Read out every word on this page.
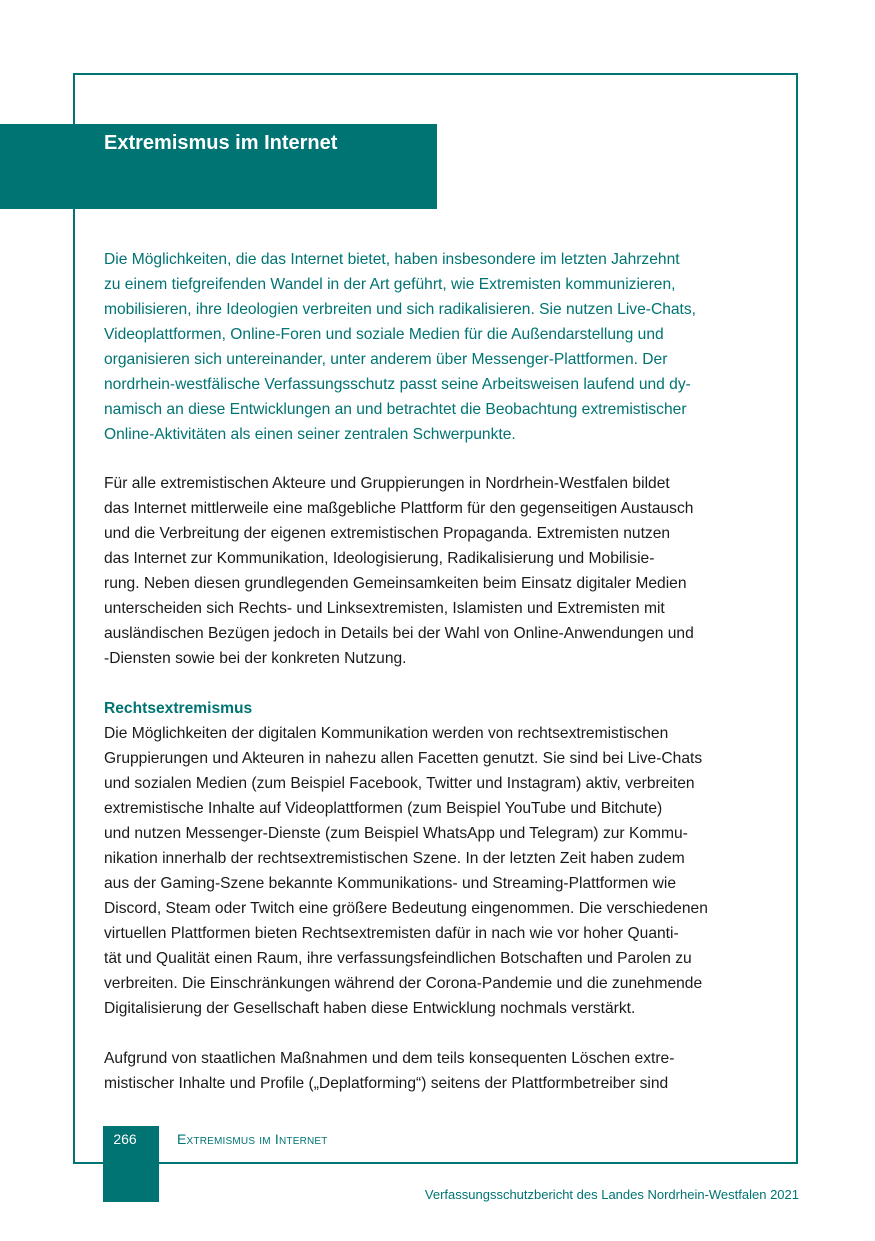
Extremismus im Internet
Die Möglichkeiten, die das Internet bietet, haben insbesondere im letzten Jahrzehnt
zu einem tiefgreifenden Wandel in der Art geführt, wie Extremisten kommunizieren,
mobilisieren, ihre Ideologien verbreiten und sich radikalisieren. Sie nutzen Live-Chats,
Videoplattformen, Online-Foren und soziale Medien für die Außendarstellung und
organisieren sich untereinander, unter anderem über Messenger-Plattformen. Der
nordrhein-westfälische Verfassungsschutz passt seine Arbeitsweisen laufend und dy-
namisch an diese Entwicklungen an und betrachtet die Beobachtung extremistischer
Online-Aktivitäten als einen seiner zentralen Schwerpunkte.
Für alle extremistischen Akteure und Gruppierungen in Nordrhein-Westfalen bildet
das Internet mittlerweile eine maßgebliche Plattform für den gegenseitigen Austausch
und die Verbreitung der eigenen extremistischen Propaganda. Extremisten nutzen
das Internet zur Kommunikation, Ideologisierung, Radikalisierung und Mobilisie-
rung. Neben diesen grundlegenden Gemeinsamkeiten beim Einsatz digitaler Medien
unterscheiden sich Rechts- und Linksextremisten, Islamisten und Extremisten mit
ausländischen Bezügen jedoch in Details bei der Wahl von Online-Anwendungen und
-Diensten sowie bei der konkreten Nutzung.
Rechtsextremismus
Die Möglichkeiten der digitalen Kommunikation werden von rechtsextremistischen
Gruppierungen und Akteuren in nahezu allen Facetten genutzt. Sie sind bei Live-Chats
und sozialen Medien (zum Beispiel Facebook, Twitter und Instagram) aktiv, verbreiten
extremistische Inhalte auf Videoplattformen (zum Beispiel YouTube und Bitchute)
und nutzen Messenger-Dienste (zum Beispiel WhatsApp und Telegram) zur Kommu-
nikation innerhalb der rechtsextremistischen Szene. In der letzten Zeit haben zudem
aus der Gaming-Szene bekannte Kommunikations- und Streaming-Plattformen wie
Discord, Steam oder Twitch eine größere Bedeutung eingenommen. Die verschiedenen
virtuellen Plattformen bieten Rechtsextremisten dafür in nach wie vor hoher Quanti-
tät und Qualität einen Raum, ihre verfassungsfeindlichen Botschaften und Parolen zu
verbreiten. Die Einschränkungen während der Corona-Pandemie und die zunehmende
Digitalisierung der Gesellschaft haben diese Entwicklung nochmals verstärkt.
Aufgrund von staatlichen Maßnahmen und dem teils konsequenten Löschen extre-
mistischer Inhalte und Profile („Deplatforming“) seitens der Plattformbetreiber sind
266	Extremismus im Internet
Verfassungsschutzbericht des Landes Nordrhein-Westfalen 2021
